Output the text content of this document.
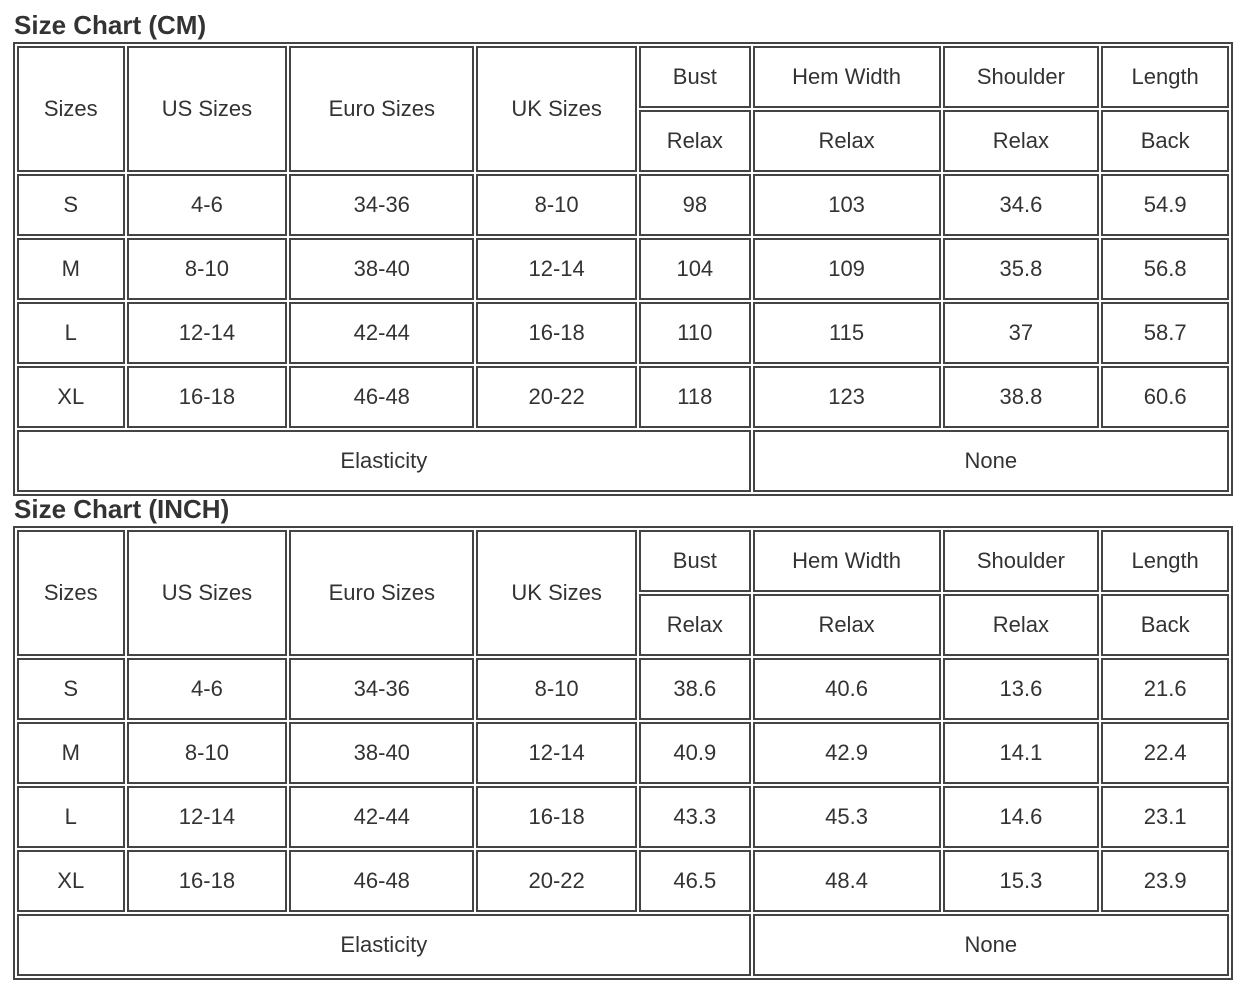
Size Chart (CM)
Sizes	US Sizes	Euro Sizes	UK Sizes	Bust	Hem Width	Shoulder	Length
				Relax	Relax	Relax	Back
S	4-6	34-36	8-10	98	103	34.6	54.9
M	8-10	38-40	12-14	104	109	35.8	56.8
L	12-14	42-44	16-18	110	115	37	58.7
XL	16-18	46-48	20-22	118	123	38.8	60.6
Elasticity					None		
Size Chart (INCH)
Sizes	US Sizes	Euro Sizes	UK Sizes	Bust	Hem Width	Shoulder	Length
				Relax	Relax	Relax	Back
S	4-6	34-36	8-10	38.6	40.6	13.6	21.6
M	8-10	38-40	12-14	40.9	42.9	14.1	22.4
L	12-14	42-44	16-18	43.3	45.3	14.6	23.1
XL	16-18	46-48	20-22	46.5	48.4	15.3	23.9
Elasticity					None		
